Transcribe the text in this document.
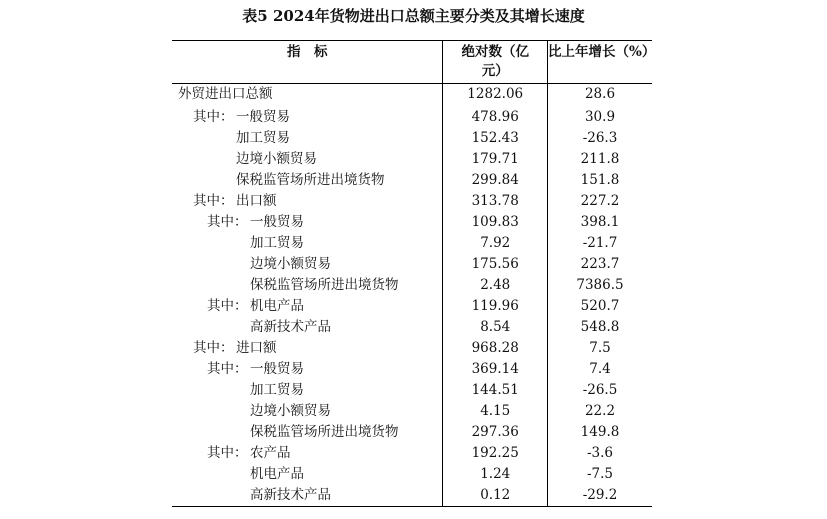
表5 2024年货物进出口总额主要分类及其增长速度
指　标	绝对数（亿元）	比上年增长（%）
外贸进出口总额	1282.06	28.6
其中： 一般贸易	478.96	30.9
加工贸易	152.43	-26.3
边境小额贸易	179.71	211.8
保税监管场所进出境货物	299.84	151.8
其中： 出口额	313.78	227.2
其中： 一般贸易	109.83	398.1
加工贸易	7.92	-21.7
边境小额贸易	175.56	223.7
保税监管场所进出境货物	2.48	7386.5
其中： 机电产品	119.96	520.7
高新技术产品	8.54	548.8
其中： 进口额	968.28	7.5
其中： 一般贸易	369.14	7.4
加工贸易	144.51	-26.5
边境小额贸易	4.15	22.2
保税监管场所进出境货物	297.36	149.8
其中： 农产品	192.25	-3.6
机电产品	1.24	-7.5
高新技术产品	0.12	-29.2
